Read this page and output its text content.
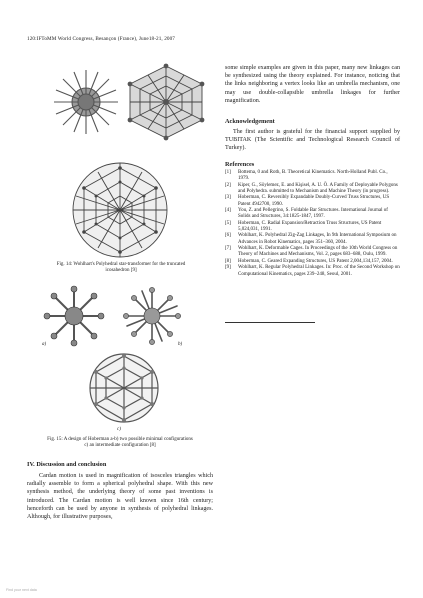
120:IFToMM World Congress, Besançon (France), June18-21, 2007
Fig. 14: Wohlhart's Polyhedral star-transformer for the truncated
icosahedron [9]
a)	b)
c)
Fig. 15: A design of Hoberman a-b) two possible minimal configurations
c) an intermediate configuration [8]
IV. Discussion and conclusion
Cardan motion is used in magnification of isosceles triangles which radially assemble to form a spherical polyhedral shape. With this new synthesis method, the underlying theory of some past inventions is introduced. The Cardan motion is well known since 16th century; henceforth can be used by anyone in synthesis of polyhedral linkages. Although, for illustrative purposes,
some simple examples are given in this paper, many new linkages can be synthesized using the theory explained. For instance, noticing that the links neighboring a vertex looks like an umbrella mechanism, one may use double-collapsible umbrella linkages for further magnification.
Acknowledgement
The first author is grateful for the financial support supplied by TUBITAK (The Scientific and Technological Research Council of Turkey).
References
[1]	Bottema, 0 and Roth, B. Theoretical Kinematics. North-Holland Publ. Co., 1979.
[2]	Kiper, G., Söylemez, E. and Kişisel, A. U. Ö. A Family of Deployable Polygons and Polyhedra. submitted to Mechanism and Machine Theory (in progress).
[3]	Hoberman, C. Reversibly Expandable Doubly-Curved Truss Structures, US Patent 4942700, 1990.
[4]	You, Z. and Pellegrino, S. Foldable Bar Structures. International Journal of Solids and Structures, 34:1825-1847, 1997.
[5]	Hoberman, C. Radial Expansion/Retraction Truss Structures, US Patent 5,024,031, 1991.
[6]	Wohlhart, K. Polyhedral Zig-Zag Linkages, In 9th International Symposium on Advances in Robot Kinematics, pages 351–360, 2004.
[7]	Wohlhart, K. Deformable Cages. In Proceedings of the 10th World Congress on Theory of Machines and Mechanisms, Vol. 2, pages 683–688, Oulu, 1999.
[8]	Hoberman, C. Geared Expanding Structures, US Patent 2,004,134,157, 2004.
[9]	Wohlhart, K. Regular Polyhedral Linkages. In: Proc. of the Second Workshop on Computational Kinematics, pages 239–248, Seoul, 2001.
Find your next data
